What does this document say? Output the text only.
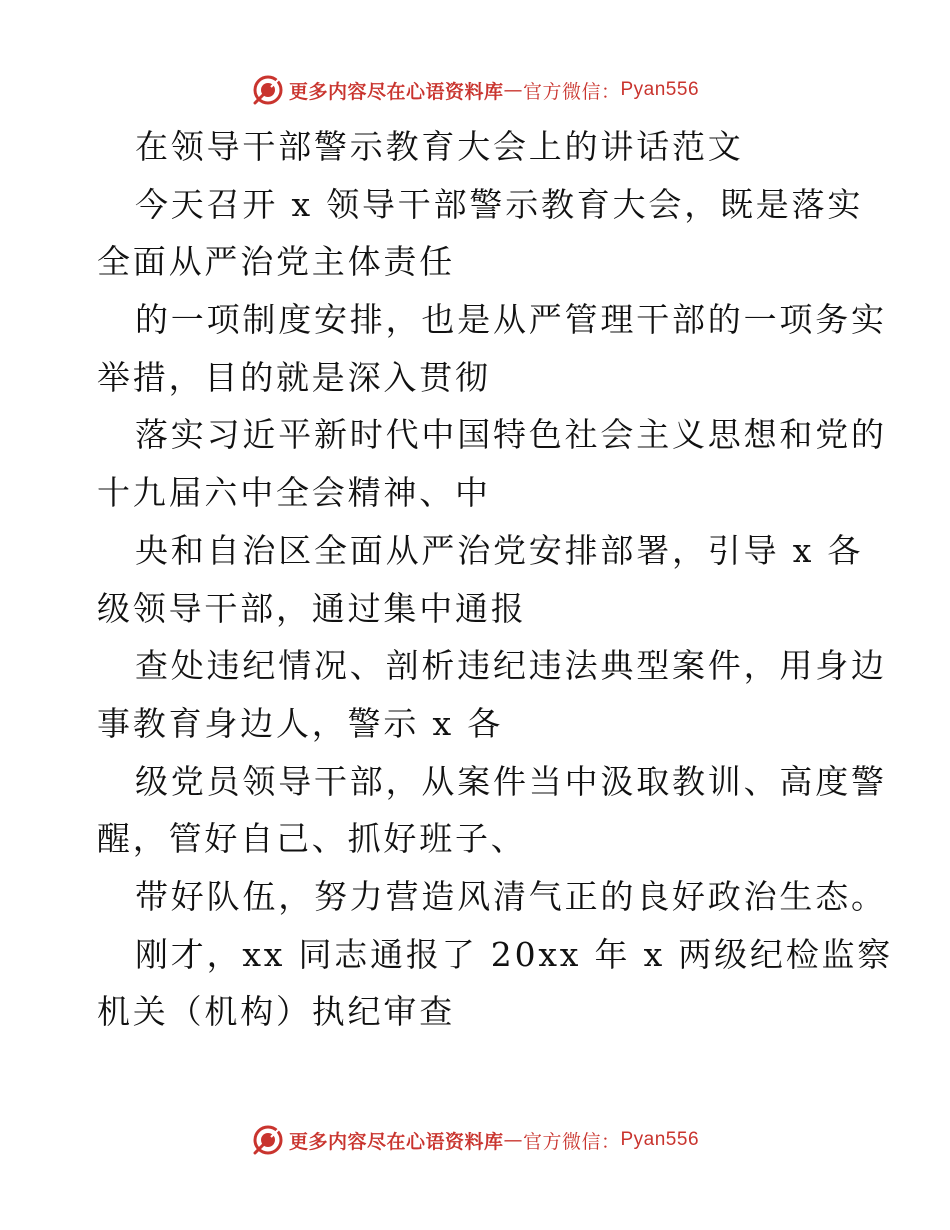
更多内容尽在心语资料库 — 官方微信： Pyan556
在领导干部警示教育大会上的讲话范文
今天召开 x 领导干部警示教育大会，既是落实
全面从严治党主体责任
的一项制度安排，也是从严管理干部的一项务实
举措，目的就是深入贯彻
落实习近平新时代中国特色社会主义思想和党的
十九届六中全会精神、中
央和自治区全面从严治党安排部署，引导 x 各
级领导干部，通过集中通报
查处违纪情况、剖析违纪违法典型案件，用身边
事教育身边人，警示 x 各
级党员领导干部，从案件当中汲取教训、高度警
醒，管好自己、抓好班子、
带好队伍，努力营造风清气正的良好政治生态。
刚才，xx 同志通报了 20xx 年 x 两级纪检监察
机关（机构）执纪审查
更多内容尽在心语资料库 — 官方微信： Pyan556
